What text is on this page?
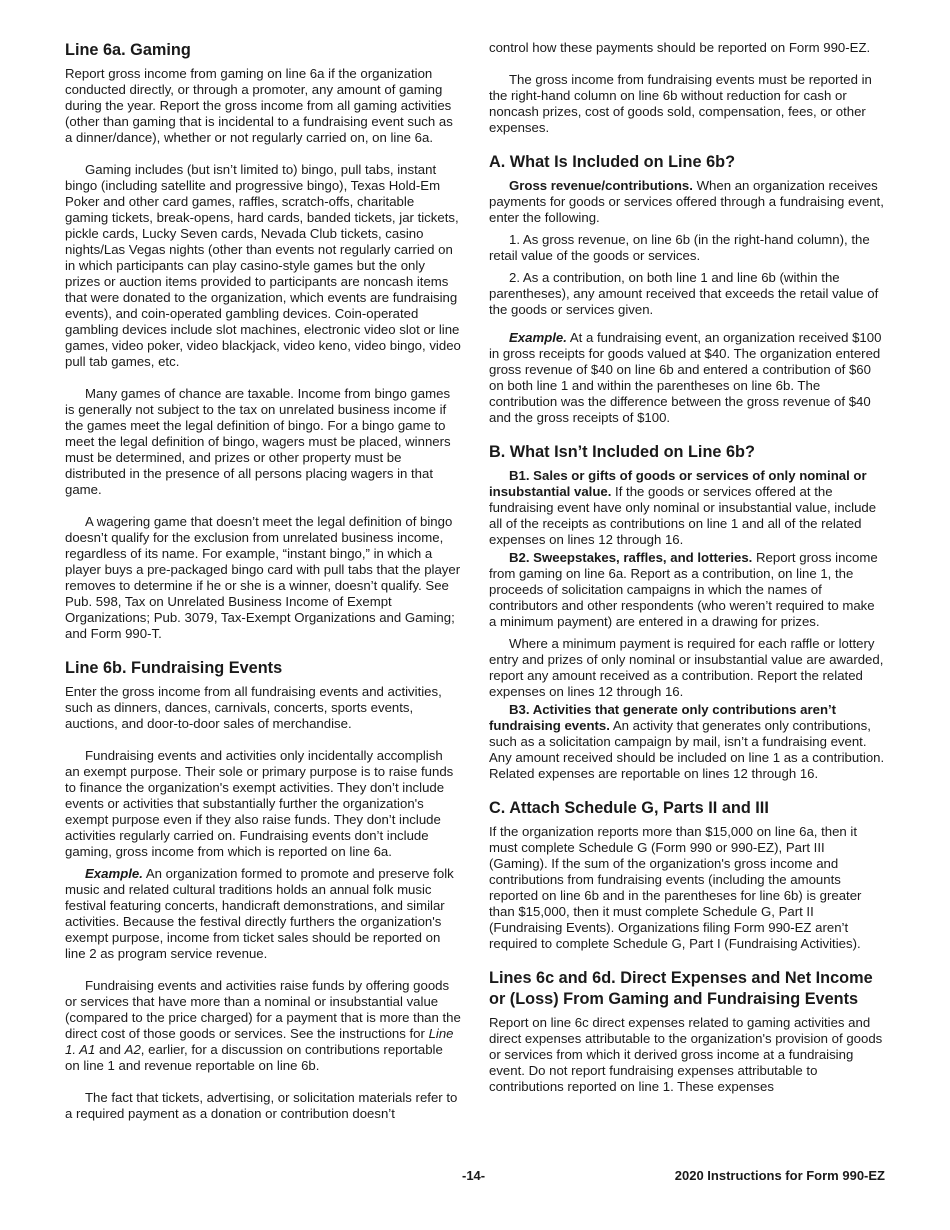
Line 6a. Gaming

Report gross income from gaming on line 6a if the organization conducted directly, or through a promoter, any amount of gaming during the year. Report the gross income from all gaming activities (other than gaming that is incidental to a fundraising event such as a dinner/dance), whether or not regularly carried on, on line 6a.

Gaming includes (but isn’t limited to) bingo, pull tabs, instant bingo (including satellite and progressive bingo), Texas Hold-Em Poker and other card games, raffles, scratch-offs, charitable gaming tickets, break-opens, hard cards, banded tickets, jar tickets, pickle cards, Lucky Seven cards, Nevada Club tickets, casino nights/Las Vegas nights (other than events not regularly carried on in which participants can play casino-style games but the only prizes or auction items provided to participants are noncash items that were donated to the organization, which events are fundraising events), and coin-operated gambling devices. Coin-operated gambling devices include slot machines, electronic video slot or line games, video poker, video blackjack, video keno, video bingo, video pull tab games, etc.

Many games of chance are taxable. Income from bingo games is generally not subject to the tax on unrelated business income if the games meet the legal definition of bingo. For a bingo game to meet the legal definition of bingo, wagers must be placed, winners must be determined, and prizes or other property must be distributed in the presence of all persons placing wagers in that game.

A wagering game that doesn’t meet the legal definition of bingo doesn’t qualify for the exclusion from unrelated business income, regardless of its name. For example, “instant bingo,” in which a player buys a pre-packaged bingo card with pull tabs that the player removes to determine if he or she is a winner, doesn’t qualify. See Pub. 598, Tax on Unrelated Business Income of Exempt Organizations; Pub. 3079, Tax-Exempt Organizations and Gaming; and Form 990-T.

Line 6b. Fundraising Events

Enter the gross income from all fundraising events and activities, such as dinners, dances, carnivals, concerts, sports events, auctions, and door-to-door sales of merchandise.

Fundraising events and activities only incidentally accomplish an exempt purpose. Their sole or primary purpose is to raise funds to finance the organization's exempt activities. They don’t include events or activities that substantially further the organization's exempt purpose even if they also raise funds. They don’t include activities regularly carried on. Fundraising events don’t include gaming, gross income from which is reported on line 6a.

Example. An organization formed to promote and preserve folk music and related cultural traditions holds an annual folk music festival featuring concerts, handicraft demonstrations, and similar activities. Because the festival directly furthers the organization's exempt purpose, income from ticket sales should be reported on line 2 as program service revenue.

Fundraising events and activities raise funds by offering goods or services that have more than a nominal or insubstantial value (compared to the price charged) for a payment that is more than the direct cost of those goods or services. See the instructions for Line 1. A1 and A2, earlier, for a discussion on contributions reportable on line 1 and revenue reportable on line 6b.

The fact that tickets, advertising, or solicitation materials refer to a required payment as a donation or contribution doesn’t

control how these payments should be reported on Form 990-EZ.

The gross income from fundraising events must be reported in the right-hand column on line 6b without reduction for cash or noncash prizes, cost of goods sold, compensation, fees, or other expenses.

A. What Is Included on Line 6b?

Gross revenue/contributions. When an organization receives payments for goods or services offered through a fundraising event, enter the following.

1. As gross revenue, on line 6b (in the right-hand column), the retail value of the goods or services.

2. As a contribution, on both line 1 and line 6b (within the parentheses), any amount received that exceeds the retail value of the goods or services given.

Example. At a fundraising event, an organization received $100 in gross receipts for goods valued at $40. The organization entered gross revenue of $40 on line 6b and entered a contribution of $60 on both line 1 and within the parentheses on line 6b. The contribution was the difference between the gross revenue of $40 and the gross receipts of $100.

B. What Isn’t Included on Line 6b?

B1. Sales or gifts of goods or services of only nominal or insubstantial value. If the goods or services offered at the fundraising event have only nominal or insubstantial value, include all of the receipts as contributions on line 1 and all of the related expenses on lines 12 through 16.

B2. Sweepstakes, raffles, and lotteries. Report gross income from gaming on line 6a. Report as a contribution, on line 1, the proceeds of solicitation campaigns in which the names of contributors and other respondents (who weren’t required to make a minimum payment) are entered in a drawing for prizes.

Where a minimum payment is required for each raffle or lottery entry and prizes of only nominal or insubstantial value are awarded, report any amount received as a contribution. Report the related expenses on lines 12 through 16.

B3. Activities that generate only contributions aren’t fundraising events. An activity that generates only contributions, such as a solicitation campaign by mail, isn’t a fundraising event. Any amount received should be included on line 1 as a contribution. Related expenses are reportable on lines 12 through 16.

C. Attach Schedule G, Parts II and III

If the organization reports more than $15,000 on line 6a, then it must complete Schedule G (Form 990 or 990-EZ), Part III (Gaming). If the sum of the organization's gross income and contributions from fundraising events (including the amounts reported on line 6b and in the parentheses for line 6b) is greater than $15,000, then it must complete Schedule G, Part II (Fundraising Events). Organizations filing Form 990-EZ aren’t required to complete Schedule G, Part I (Fundraising Activities).

Lines 6c and 6d. Direct Expenses and Net Income or (Loss) From Gaming and Fundraising Events

Report on line 6c direct expenses related to gaming activities and direct expenses attributable to the organization's provision of goods or services from which it derived gross income at a fundraising event. Do not report fundraising expenses attributable to contributions reported on line 1. These expenses

-14-	2020 Instructions for Form 990-EZ
